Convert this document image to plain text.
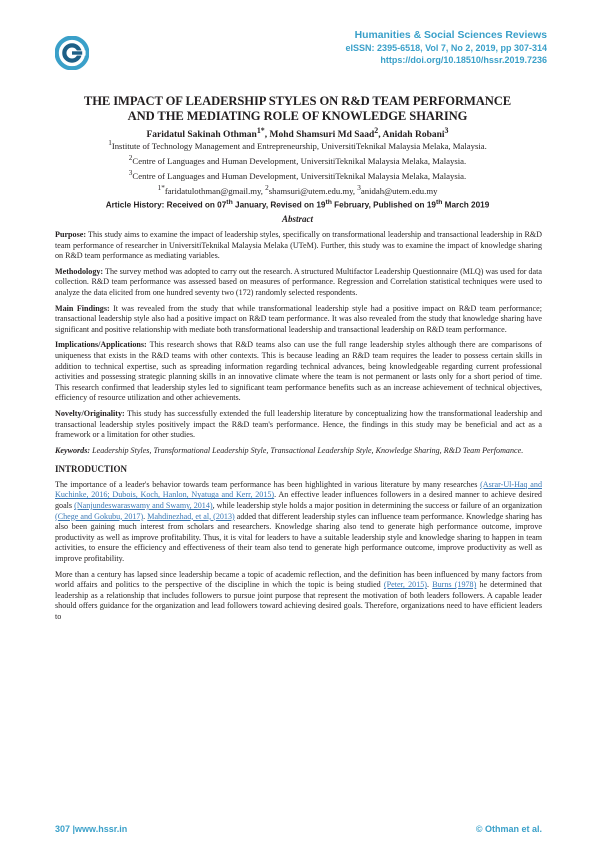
Humanities & Social Sciences Reviews
eISSN: 2395-6518, Vol 7, No 2, 2019, pp 307-314
https://doi.org/10.18510/hssr.2019.7236
THE IMPACT OF LEADERSHIP STYLES ON R&D TEAM PERFORMANCE
AND THE MEDIATING ROLE OF KNOWLEDGE SHARING
Faridatul Sakinah Othman$^{1*}$, Mohd Shamsuri Md Saad$^2$, Anidah Robani$^3$
$^1$Institute of Technology Management and Entrepreneurship, UniversitiTeknikal Malaysia Melaka, Malaysia.
$^2$Centre of Languages and Human Development, UniversitiTeknikal Malaysia Melaka, Malaysia.
$^3$Centre of Languages and Human Development, UniversitiTeknikal Malaysia Melaka, Malaysia.
$^{1*}$faridatulothman@gmail.my, $^2$shamsuri@utem.edu.my, $^3$anidah@utem.edu.my
Article History: Received on 07th January, Revised on 19th February, Published on 19th March 2019
Abstract

Purpose: This study aims to examine the impact of leadership styles, specifically on transformational leadership and transactional leadership in R&D team performance of researcher in UniversitiTeknikal Malaysia Melaka (UTeM). Further, this study was to examine the impact of knowledge sharing on R&D team performance as mediating variables.

Methodology: The survey method was adopted to carry out the research. A structured Multifactor Leadership Questionnaire (MLQ) was used for data collection. R&D team performance was assessed based on measures of performance. Regression and Correlation statistical techniques were used to analyze the data elicited from one hundred seventy two (172) randomly selected respondents.

Main Findings: It was revealed from the study that while transformational leadership style had a positive impact on R&D team performance; transactional leadership style also had a positive impact on R&D team performance. It was also revealed from the study that knowledge sharing have significant and positive relationship with mediate both transformational leadership and transactional leadership on R&D team performance.

Implications/Applications: This research shows that R&D teams also can use the full range leadership styles although there are comparisons of uniqueness that exists in the R&D teams with other contexts. This is because leading an R&D team requires the leader to possess certain skills in addition to technical expertise, such as spreading information regarding technical advances, being knowledgeable regarding current professional activities and possessing strategic planning skills in an innovative climate where the team is not permanent or lasts only for a short period of time. This research confirmed that leadership styles led to significant team performance benefits such as an increase achievement of technical objectives, efficiency of resource utilization and other achievements.

Novelty/Originality: This study has successfully extended the full leadership literature by conceptualizing how the transformational leadership and transactional leadership styles positively impact the R&D team's performance. Hence, the findings in this study may be beneficial and act as a framework or a limitation for other studies.

Keywords: Leadership Styles, Transformational Leadership Style, Transactional Leadership Style, Knowledge Sharing, R&D Team Perfomance.

INTRODUCTION

The importance of a leader's behavior towards team performance has been highlighted in various literature by many researches (Asrar-Ul-Haq and Kuchinke, 2016; Dubois, Koch, Hanlon, Nyatuga and Kerr, 2015). An effective leader influences followers in a desired manner to achieve desired goals (Nanjundeswaraswamy and Swamy, 2014), while leadership style holds a major position in determining the success or failure of an organization (Chege and Gokubu, 2017). Mahdinezhad, et al, (2013) added that different leadership styles can influence team performance. Knowledge sharing has also been gaining much interest from scholars and researchers. Knowledge sharing also tend to generate high performance outcome, improve productivity as well as improve profitability. Thus, it is vital for leaders to have a suitable leadership style and knowledge sharing to happen in team activities, to ensure the efficiency and effectiveness of their team also tend to generate high performance outcome, improve productivity as well as improve profitability.

More than a century has lapsed since leadership became a topic of academic reflection, and the definition has been influenced by many factors from world affairs and politics to the perspective of the discipline in which the topic is being studied (Peter, 2015). Burns (1978) he determined that leadership as a relationship that includes followers to pursue joint purpose that represent the motivation of both leaders followers. A capable leader should offers guidance for the organization and lead followers toward achieving desired goals. Therefore, organizations need to have efficient leaders to

307 |www.hssr.in	© Othman et al.
